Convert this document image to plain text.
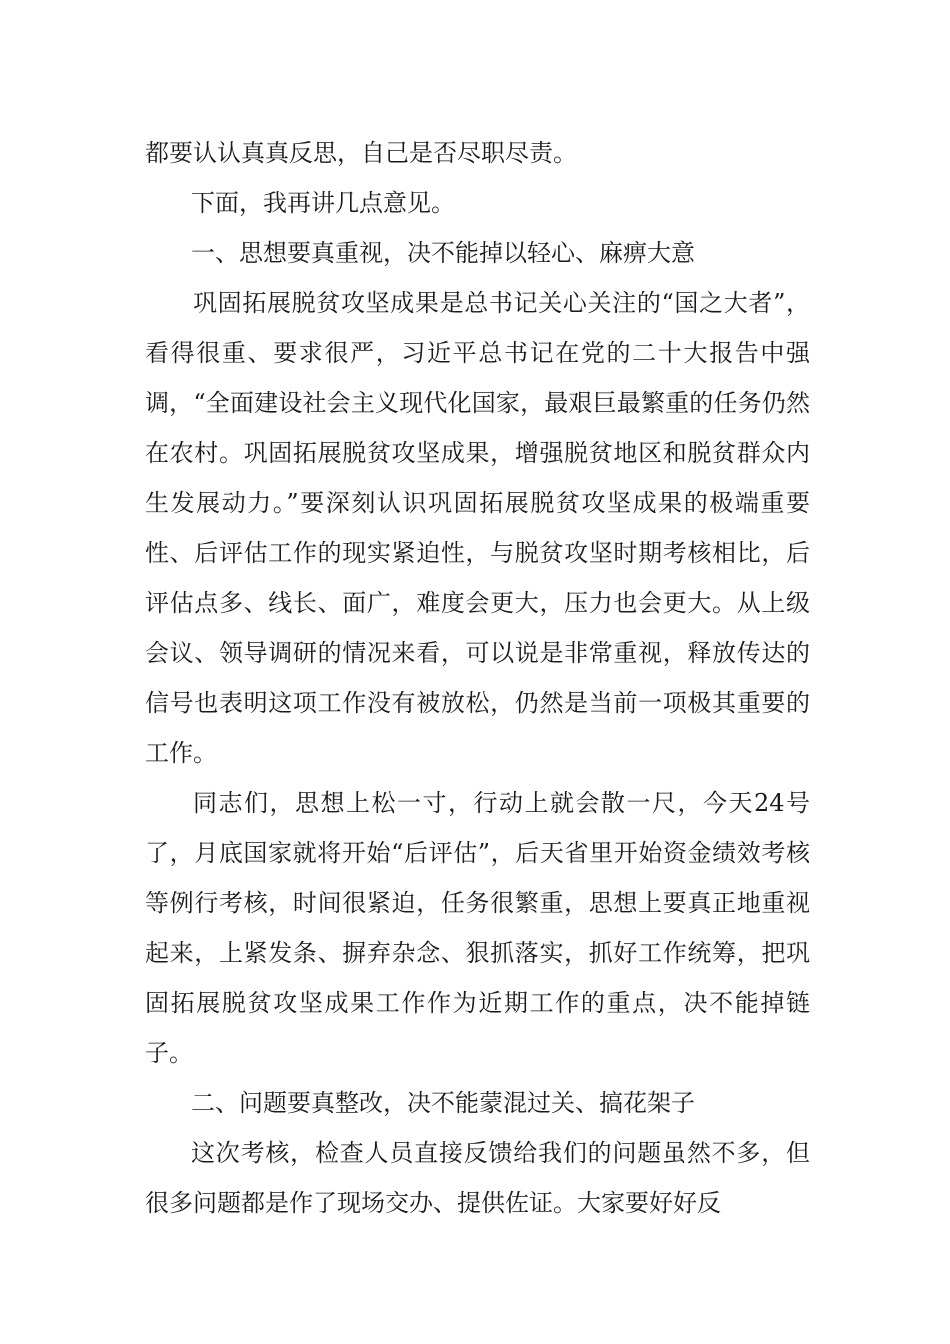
都要认认真真反思，自己是否尽职尽责。

下面，我再讲几点意见。

一、思想要真重视，决不能掉以轻心、麻痹大意

巩固拓展脱贫攻坚成果是总书记关心关注的“国之大者”，看得很重、要求很严，习近平总书记在党的二十大报告中强调，“全面建设社会主义现代化国家，最艰巨最繁重的任务仍然在农村。巩固拓展脱贫攻坚成果，增强脱贫地区和脱贫群众内生发展动力。”要深刻认识巩固拓展脱贫攻坚成果的极端重要性、后评估工作的现实紧迫性，与脱贫攻坚时期考核相比，后评估点多、线长、面广，难度会更大，压力也会更大。从上级会议、领导调研的情况来看，可以说是非常重视，释放传达的信号也表明这项工作没有被放松，仍然是当前一项极其重要的工作。

同志们，思想上松一寸，行动上就会散一尺，今天24号了，月底国家就将开始“后评估”，后天省里开始资金绩效考核等例行考核，时间很紧迫，任务很繁重，思想上要真正地重视起来，上紧发条、摒弃杂念、狠抓落实，抓好工作统筹，把巩固拓展脱贫攻坚成果工作作为近期工作的重点，决不能掉链子。

二、问题要真整改，决不能蒙混过关、搞花架子

这次考核，检查人员直接反馈给我们的问题虽然不多，但很多问题都是作了现场交办、提供佐证。大家要好好反
